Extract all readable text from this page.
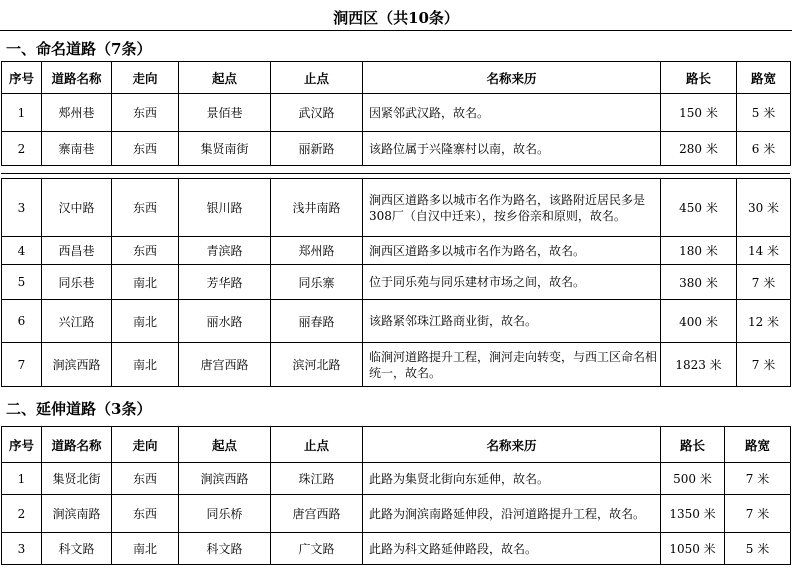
涧西区（共10条）
一、命名道路（7条）
序号	道路名称	走向	起点	止点	名称来历	路长	路宽
1	郟州巷	东西	景佰巷	武汉路	因紧邻武汉路，故名。	150 米	5 米
2	寨南巷	东西	集贤南街	丽新路	该路位属于兴隆寨村以南，故名。	280 米	6 米
3	汉中路	东西	银川路	浅井南路	涧西区道路多以城市名作为路名，该路附近居民多是308厂（自汉中迁来），按乡俗亲和原则，故名。	450 米	30 米
4	西昌巷	东西	青滨路	郑州路	涧西区道路多以城市名作为路名，故名。	180 米	14 米
5	同乐巷	南北	芳华路	同乐寨	位于同乐苑与同乐建材市场之间，故名。	380 米	7 米
6	兴江路	南北	丽水路	丽春路	该路紧邻珠江路商业街，故名。	400 米	12 米
7	涧滨西路	南北	唐宫西路	滨河北路	临涧河道路提升工程，涧河走向转变，与西工区命名相统一，故名。	1823 米	7 米
二、延伸道路（3条）
序号	道路名称	走向	起点	止点	名称来历	路长	路宽
1	集贤北街	东西	涧滨西路	珠江路	此路为集贤北街向东延伸，故名。	500 米	7 米
2	涧滨南路	东西	同乐桥	唐宫西路	此路为涧滨南路延伸段，沿河道路提升工程，故名。	1350 米	7 米
3	科文路	南北	科文路	广文路	此路为科文路延伸路段，故名。	1050 米	5 米
